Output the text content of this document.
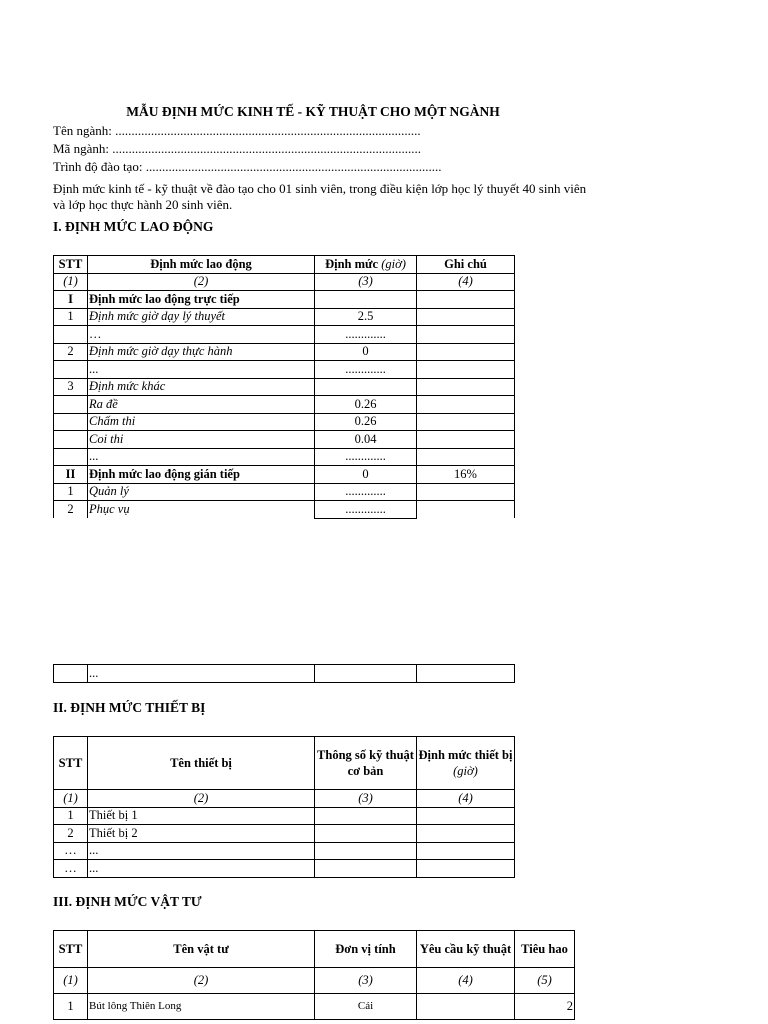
MẪU ĐỊNH MỨC KINH TẾ - KỸ THUẬT CHO MỘT NGÀNH
Tên ngành: ..............................................................................................
Mã ngành: ...............................................................................................
Trình độ đào tạo: ...........................................................................................
Định mức kinh tế - kỹ thuật về đào tạo cho 01 sinh viên, trong điều kiện lớp học lý thuyết 40 sinh viên và lớp học thực hành 20 sinh viên.
I. ĐỊNH MỨC LAO ĐỘNG
STT	Định mức lao động	Định mức (giờ)	Ghi chú
(1)	(2)	(3)	(4)
I	Định mức lao động trực tiếp		
1	Định mức giờ dạy lý thuyết	2.5	
	…	.............	
2	Định mức giờ dạy thực hành	0	
	...	.............	
3	Định mức khác		
	Ra đề	0.26	
	Chấm thi	0.26	
	Coi thi	0.04	
	...	.............	
II	Định mức lao động gián tiếp	0	16%
1	Quản lý	.............	
2	Phục vụ	.............	
	...		
II. ĐỊNH MỨC THIẾT BỊ
STT	Tên thiết bị	Thông số kỹ thuật cơ bản	Định mức thiết bị (giờ)
(1)	(2)	(3)	(4)
1	Thiết bị 1		
2	Thiết bị 2		
…	...		
…	...		
III. ĐỊNH MỨC VẬT TƯ
STT	Tên vật tư	Đơn vị tính	Yêu cầu kỹ thuật	Tiêu hao
(1)	(2)	(3)	(4)	(5)
1	Bút lông Thiên Long	Cái		2
